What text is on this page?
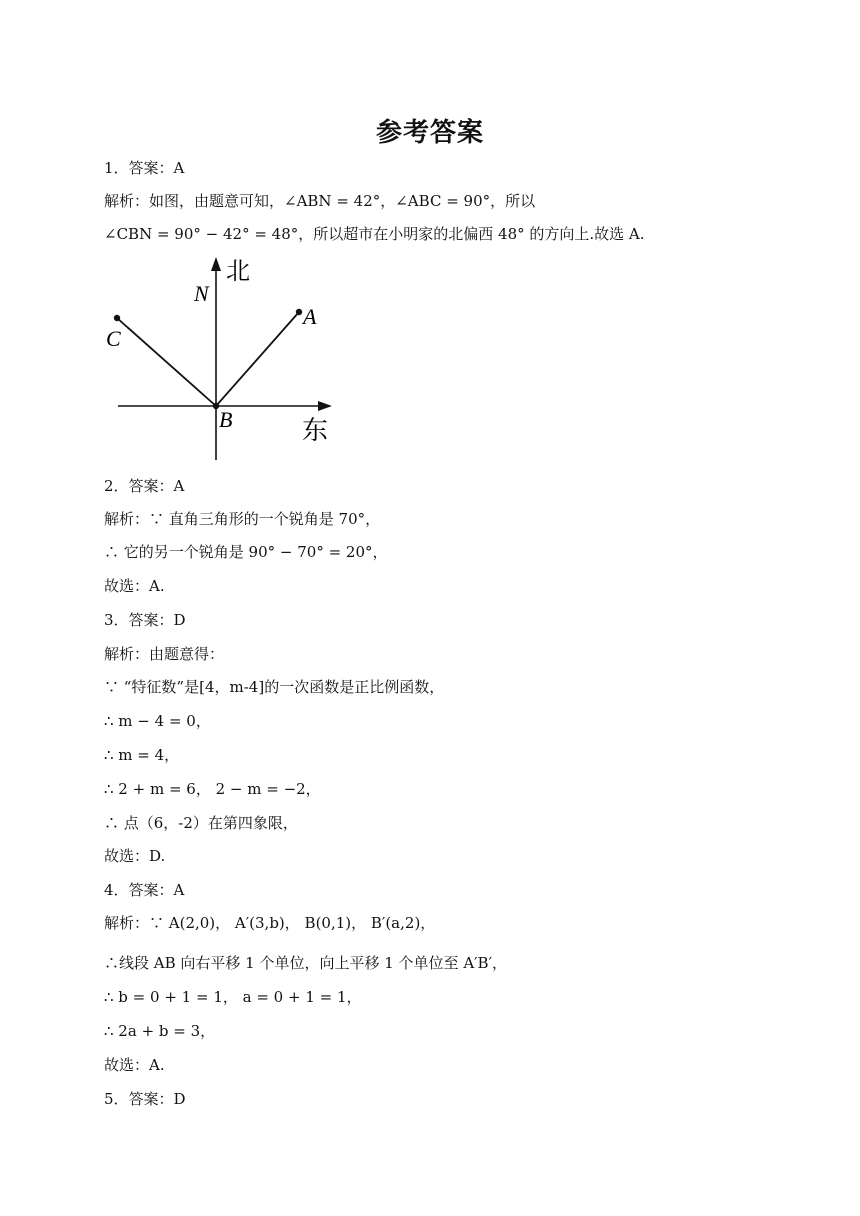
参考答案
1．答案：A
解析：如图，由题意可知，∠ABN = 42°，∠ABC = 90°，所以
∠CBN = 90° − 42° = 48°，所以超市在小明家的北偏西 48° 的方向上.故选 A.
2．答案：A
解析：∵ 直角三角形的一个锐角是 70°，
∴ 它的另一个锐角是 90° − 70° = 20°，
故选：A.
3．答案：D
解析：由题意得：
∵ “特征数”是[4，m-4]的一次函数是正比例函数，
∴ m − 4 = 0，
∴ m = 4，
∴ 2 + m = 6， 2 − m = −2，
∴ 点（6，-2）在第四象限，
故选：D.
4．答案：A
解析：∵ A(2,0)， A′(3,b)， B(0,1)， B′(a,2)，
∴线段 AB 向右平移 1 个单位，向上平移 1 个单位至 A′B′，
∴ b = 0 + 1 = 1， a = 0 + 1 = 1，
∴ 2a + b = 3，
故选：A.
5．答案：D
北
东
N
A
C
B
